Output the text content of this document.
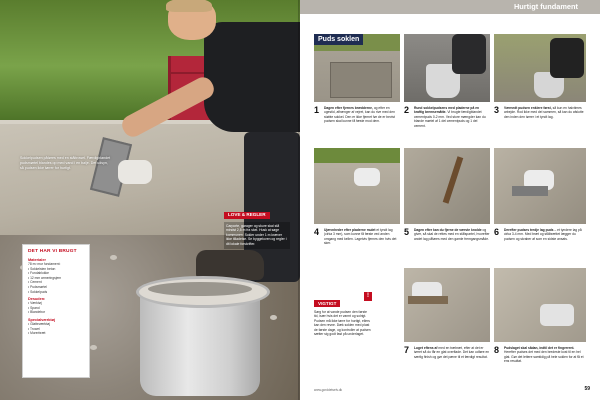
Sokkelpudsen påføres med en ståltrowel. Færdigblandet pudsmørtel blandes op med vand i en balje. Det udsyn, så pudsen ikke tørrer for hurtigt.
DET HAR VI BRUGT
Materialer
78 m² mur fundament:
• Sokkelsten beton
• Fundablokke
• 12 mm armeringsjern
• Cement
• Pudsmørtel
• Sokkelpuds
Desuden:
• Værktøj
• Spand
• Blandebor
Specialværktøj
• Glatteværktøj
• Trowel
• Murerbræt
LOVE & REGLER
Carporte, garager og skure skal stå mindst 2,5 m fra skel. Husk at søge kommunen. Sokler under 1 m kræver ikke tilladelse. Se byggeloven og regler i dit lokale forskrifter.
Hurtigt fundament
Puds soklen
1 Dagen efter fjernes brædderne, og efter en ugestid, afhænger af vejret, kan du rive med den støbte sokkel. Den er ikke fjernet før de er bevist pudsen skal kunne få fæste mod dem.
2 Rund sokkelpudsens med pladerne på en kraftig bremsemåtte. Vi brugte færdigblandet cementpuds 0-2 mm. Ved store mængder kan du blande mørtel af 1 del cementpuds og 1 del cement.
3 Værnedt pudsen enklere først, så kun en halvtimes arbejde. Rod ikke med del sammen, så kan du afslutte den inden den tørrer i et tyndt lag.
4 Ujævnheder efter pladerne mulet et tyndt lag (cirka 3 mm), som kunne få fæste ved anden omgang med kellen. Lagetvis fjernes den hvis det sker.
5 Dagen efter kan du fjerne de værste knolde og giver, så skal de rettes med en stålspartel, hvorefter andet lag påføres med den gamle fremgangsmåde.
6 Derefter pudses tredje lag puds – et tyndere lag på cirka 3-4 mm. Med bræt og stålbrættet lægger du pudsen og skraber af som en sidste ansats.
7 Luget eftens af med en træbræt, efter at det er tørret så du får en glat overflade. Det kan udføre en særlig finish og gør det pæne til et færdigt resultat.
8 Pudslaget skal sådan, indtil det er fingerrent. Herefter pudses det med den bredeste kost til en hel glat. Gør det lettere samtidig på hele soklen for at få et ens resultat.
59
VIGTIGT
!
Sørg for at vande pudsen den første tid, især hvis det er varmt og solrigt. Pudsen må ikke tørre for hurtigt, ellers kan den revne. Dæk soklen med plast de første dage, og kontroller at pudsen sætter sig godt fast på underlaget.
www.gorddetselv.dk
